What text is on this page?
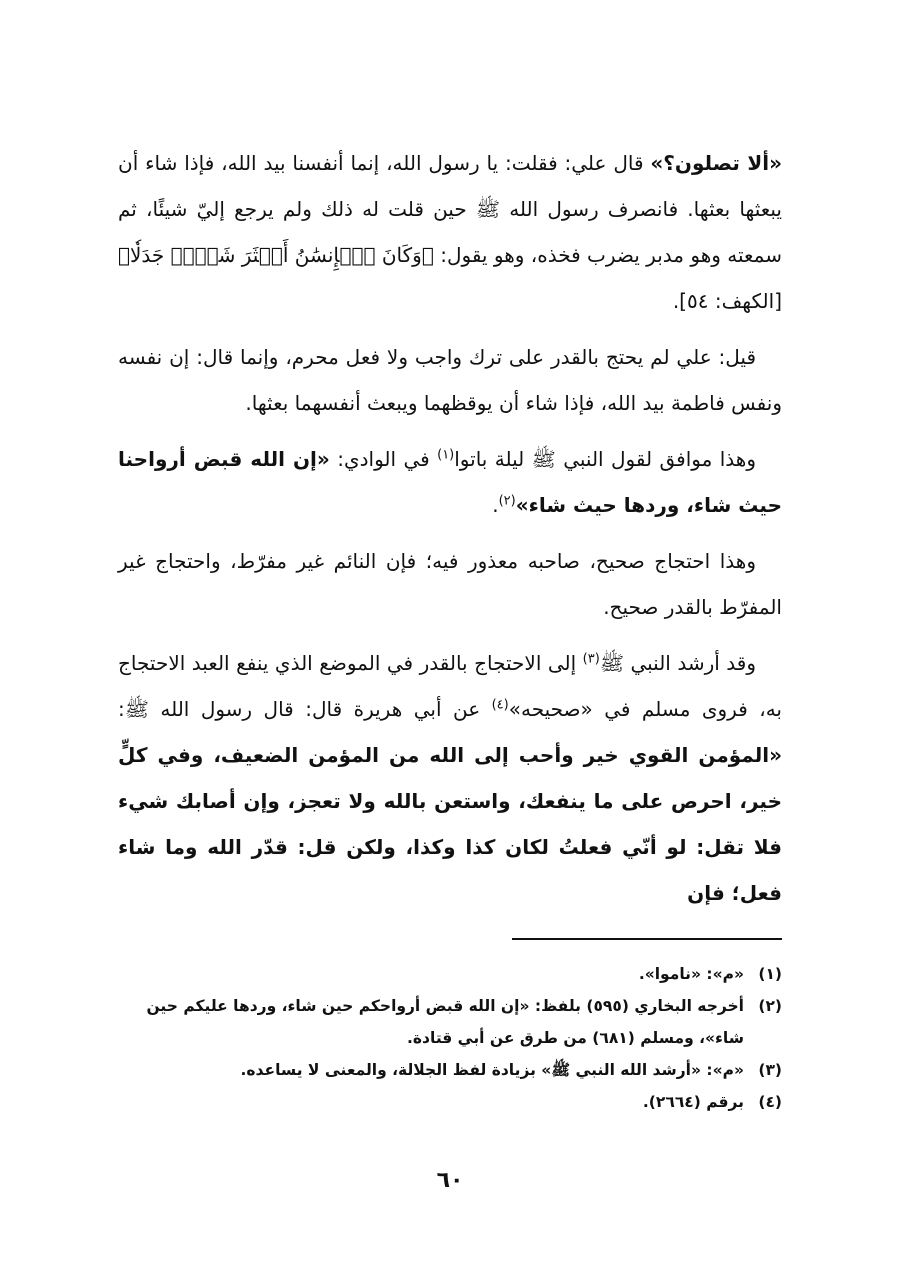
«ألا تصلون؟» قال علي: فقلت: يا رسول الله، إنما أنفسنا بيد الله، فإذا شاء أن يبعثها بعثها. فانصرف رسول الله ﷺ حين قلت له ذلك ولم يرجع إليّ شيئًا، ثم سمعته وهو مدبر يضرب فخذه، وهو يقول: ﴿وَكَانَ ٱلۡإِنسَٰنُ أَكۡثَرَ شَيۡءٖ جَدَلٗا﴾ [الكهف: ٥٤].

قيل: علي لم يحتج بالقدر على ترك واجب ولا فعل محرم، وإنما قال: إن نفسه ونفس فاطمة بيد الله، فإذا شاء أن يوقظهما ويبعث أنفسهما بعثها.

وهذا موافق لقول النبي ﷺ ليلة باتوا$^{(١)}$ في الوادي: «إن الله قبض أرواحنا حيث شاء، وردها حيث شاء»$^{(٢)}$.

وهذا احتجاج صحيح، صاحبه معذور فيه؛ فإن النائم غير مفرّط، واحتجاج غير المفرّط بالقدر صحيح.

وقد أرشد النبي ﷺ$^{(٣)}$ إلى الاحتجاج بالقدر في الموضع الذي ينفع العبد الاحتجاج به، فروى مسلم في «صحيحه»$^{(٤)}$ عن أبي هريرة قال: قال رسول الله ﷺ: «المؤمن القوي خير وأحب إلى الله من المؤمن الضعيف، وفي كلٍّ خير، احرص على ما ينفعك، واستعن بالله ولا تعجز، وإن أصابك شيء فلا تقل: لو أنّي فعلتُ لكان كذا وكذا، ولكن قل: قدّر الله وما شاء فعل؛ فإن

(١)
«م»: «ناموا».
(٢)
أخرجه البخاري (٥٩٥) بلفظ: «إن الله قبض أرواحكم حين شاء، وردها عليكم حين شاء»، ومسلم (٦٨١) من طرق عن أبي قتادة.
(٣)
«م»: «أرشد الله النبي ﷺ» بزيادة لفظ الجلالة، والمعنى لا يساعده.
(٤)
برقم (٢٦٦٤).
٦٠
